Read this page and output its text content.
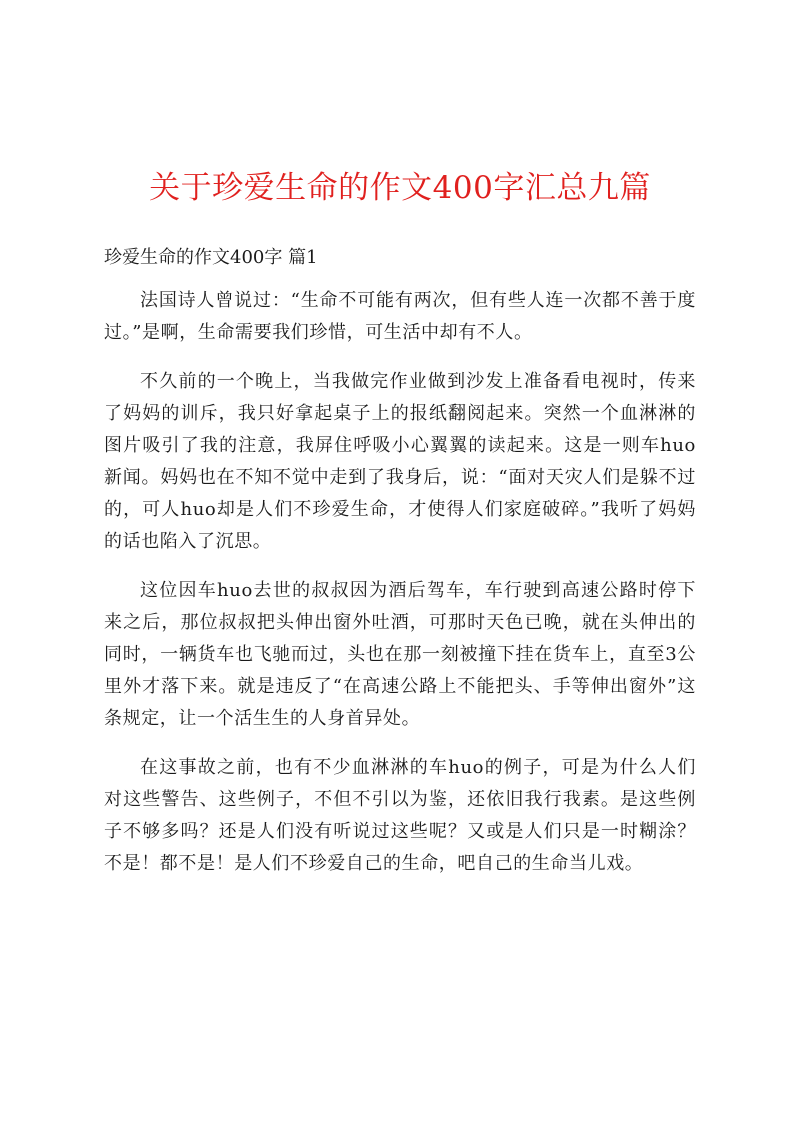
关于珍爱生命的作文400字汇总九篇
珍爱生命的作文400字 篇1

法国诗人曾说过：“生命不可能有两次，但有些人连一次都不善于度过。”是啊，生命需要我们珍惜，可生活中却有不人。

不久前的一个晚上，当我做完作业做到沙发上准备看电视时，传来了妈妈的训斥，我只好拿起桌子上的报纸翻阅起来。突然一个血淋淋的图片吸引了我的注意，我屏住呼吸小心翼翼的读起来。这是一则车huo新闻。妈妈也在不知不觉中走到了我身后，说：“面对天灾人们是躲不过的，可人huo却是人们不珍爱生命，才使得人们家庭破碎。”我听了妈妈的话也陷入了沉思。

这位因车huo去世的叔叔因为酒后驾车，车行驶到高速公路时停下来之后，那位叔叔把头伸出窗外吐酒，可那时天色已晚，就在头伸出的同时，一辆货车也飞驰而过，头也在那一刻被撞下挂在货车上，直至3公里外才落下来。就是违反了“在高速公路上不能把头、手等伸出窗外”这条规定，让一个活生生的人身首异处。

在这事故之前，也有不少血淋淋的车huo的例子，可是为什么人们对这些警告、这些例子，不但不引以为鉴，还依旧我行我素。是这些例子不够多吗？还是人们没有听说过这些呢？又或是人们只是一时糊涂？不是！都不是！是人们不珍爱自己的生命，吧自己的生命当儿戏。
